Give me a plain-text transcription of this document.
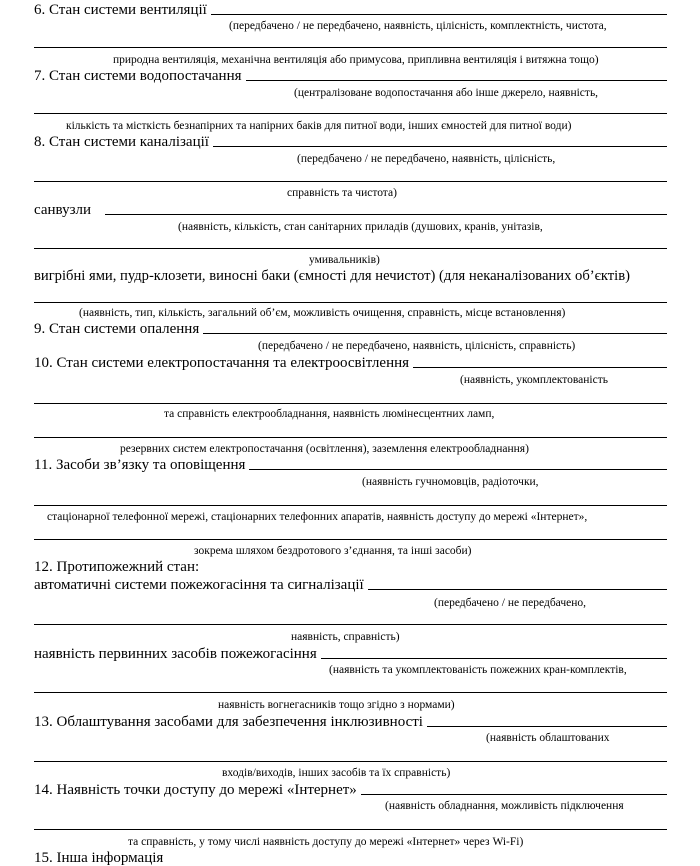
6. Стан системи вентиляції
(передбачено / не передбачено, наявність, цілісність, комплектність, чистота,
природна вентиляція, механічна вентиляція або примусова, припливна вентиляція і витяжна тощо)
7. Стан системи водопостачання
(централізоване водопостачання або інше джерело, наявність,
кількість та місткість безнапірних та напірних баків для питної води, інших ємностей для питної води)
8. Стан системи каналізації
(передбачено / не передбачено, наявність, цілісність,
справність та чистота)
санвузли
(наявність, кількість, стан санітарних приладів (душових, кранів, унітазів,
умивальників)
вигрібні ями, пудр-клозети, виносні баки (ємності для нечистот) (для неканалізованих об’єктів)
(наявність, тип, кількість, загальний об’єм, можливість очищення, справність, місце встановлення)
9. Стан системи опалення
(передбачено / не передбачено, наявність, цілісність, справність)
10. Стан системи електропостачання та електроосвітлення
(наявність, укомплектованість
та справність електрообладнання, наявність люмінесцентних ламп,
резервних систем електропостачання (освітлення), заземлення електрообладнання)
11. Засоби зв’язку та оповіщення
(наявність гучномовців, радіоточки,
стаціонарної телефонної мережі, стаціонарних телефонних апаратів, наявність доступу до мережі «Інтернет»,
зокрема шляхом бездротового з’єднання, та інші засоби)
12. Протипожежний стан:
автоматичні системи пожежогасіння та сигналізації
(передбачено / не передбачено,
наявність, справність)
наявність первинних засобів пожежогасіння
(наявність та укомплектованість пожежних кран-комплектів,
наявність вогнегасників тощо згідно з нормами)
13. Облаштування засобами для забезпечення інклюзивності
(наявність облаштованих
входів/виходів, інших засобів та їх справність)
14. Наявність точки доступу до мережі «Інтернет»
(наявність обладнання, можливість підключення
та справність, у тому числі наявність доступу до мережі «Інтернет» через Wi-Fi)
15. Інша інформація
